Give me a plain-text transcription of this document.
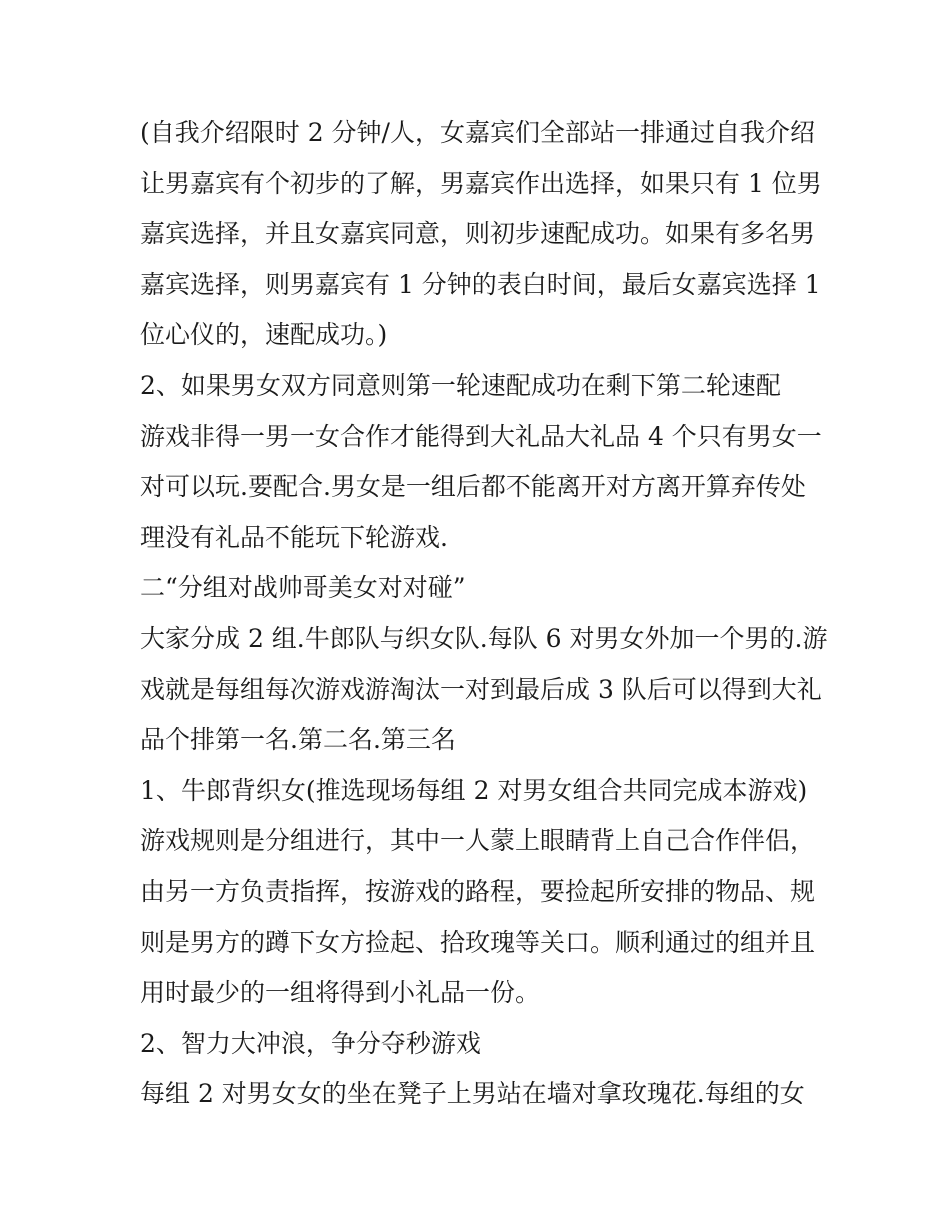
(自我介绍限时 2 分钟/人，女嘉宾们全部站一排通过自我介绍
让男嘉宾有个初步的了解，男嘉宾作出选择，如果只有 1 位男
嘉宾选择，并且女嘉宾同意，则初步速配成功。如果有多名男
嘉宾选择，则男嘉宾有 1 分钟的表白时间，最后女嘉宾选择 1
位心仪的，速配成功。)
2、如果男女双方同意则第一轮速配成功在剩下第二轮速配
游戏非得一男一女合作才能得到大礼品大礼品 4 个只有男女一
对可以玩.要配合.男女是一组后都不能离开对方离开算弃传处
理没有礼品不能玩下轮游戏.
二“分组对战帅哥美女对对碰”
大家分成 2 组.牛郎队与织女队.每队 6 对男女外加一个男的.游
戏就是每组每次游戏游淘汰一对到最后成 3 队后可以得到大礼
品个排第一名.第二名.第三名
1、牛郎背织女(推选现场每组 2 对男女组合共同完成本游戏)
游戏规则是分组进行，其中一人蒙上眼睛背上自己合作伴侣，
由另一方负责指挥，按游戏的路程，要捡起所安排的物品、规
则是男方的蹲下女方捡起、拾玫瑰等关口。顺利通过的组并且
用时最少的一组将得到小礼品一份。
2、智力大冲浪，争分夺秒游戏
每组 2 对男女女的坐在凳子上男站在墙对拿玫瑰花.每组的女
